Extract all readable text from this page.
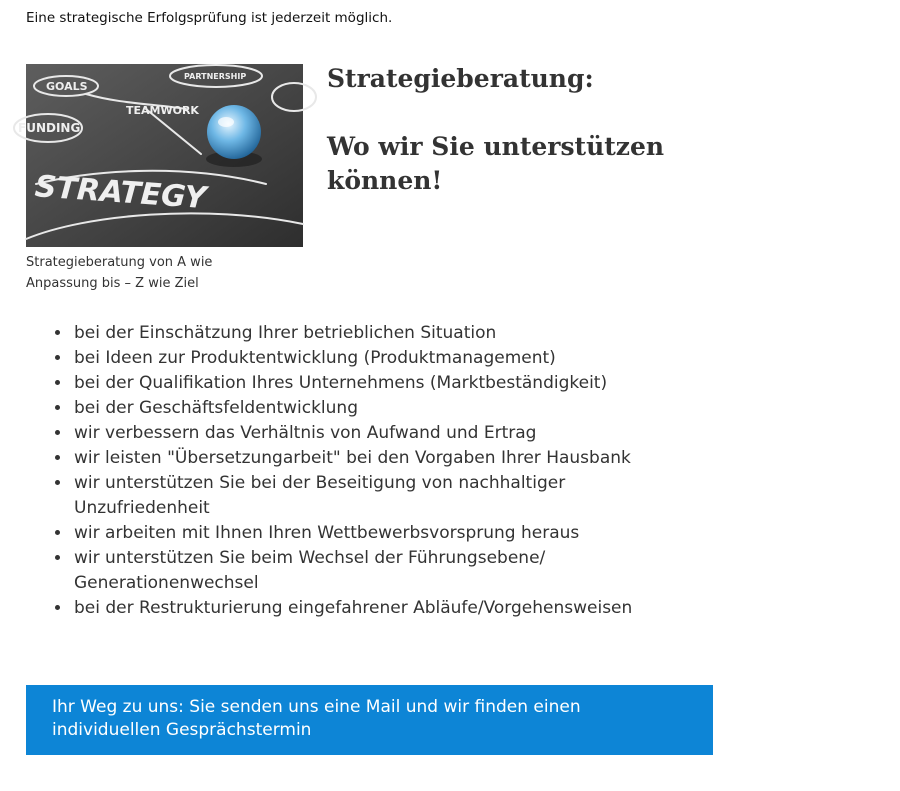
Eine strategische Erfolgsprüfung ist jederzeit möglich.
GOALS
PARTNERSHIP
TEAMWORK
FUNDING
STRATEGY
Strategieberatung von A wie Anpassung bis – Z wie Ziel
Strategieberatung:
Wo wir Sie unterstützen können!
• bei der Einschätzung Ihrer betrieblichen Situation
• bei Ideen zur Produktentwicklung (Produktmanagement)
• bei der Qualifikation Ihres Unternehmens (Marktbeständigkeit)
• bei der Geschäftsfeldentwicklung
• wir verbessern das Verhältnis von Aufwand und Ertrag
• wir leisten "Übersetzungarbeit" bei den Vorgaben Ihrer Hausbank
• wir unterstützen Sie bei der Beseitigung von nachhaltiger Unzufriedenheit
• wir arbeiten mit Ihnen Ihren Wettbewerbsvorsprung heraus
• wir unterstützen Sie beim Wechsel der Führungsebene/ Generationenwechsel
• bei der Restrukturierung eingefahrener Abläufe/Vorgehensweisen
Ihr Weg zu uns: Sie senden uns eine Mail und wir finden einen individuellen Gesprächstermin
